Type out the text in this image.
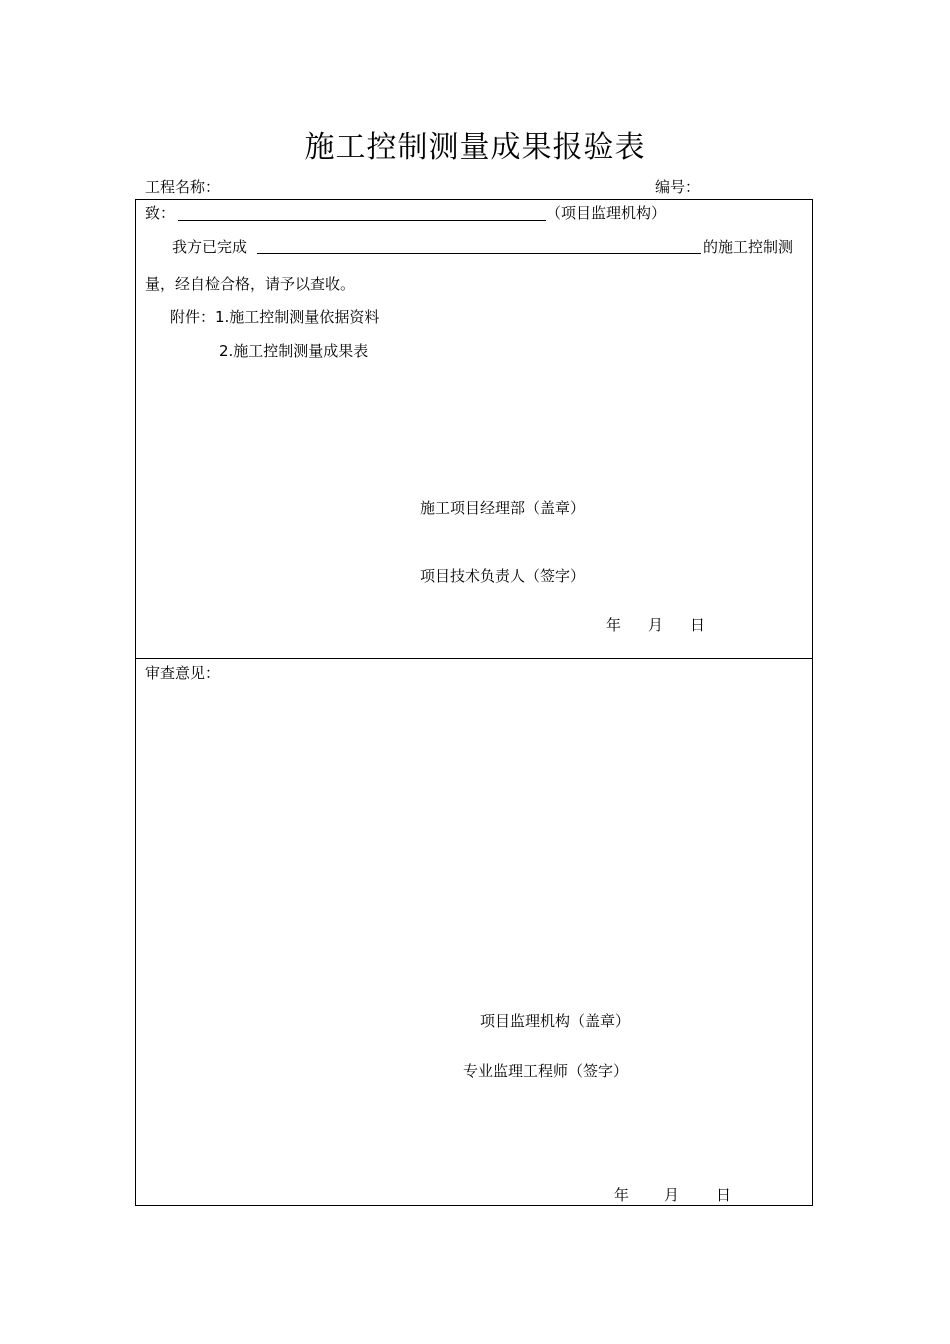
施工控制测量成果报验表
工程名称：	编号：
致：	（项目监理机构）
我方已完成	的施工控制测
量，经自检合格，请予以查收。
附件：1.施工控制测量依据资料
2.施工控制测量成果表
施工项目经理部（盖章）
项目技术负责人（签字）
年 月 日
审查意见：
项目监理机构（盖章）
专业监理工程师（签字）
年 月 日
